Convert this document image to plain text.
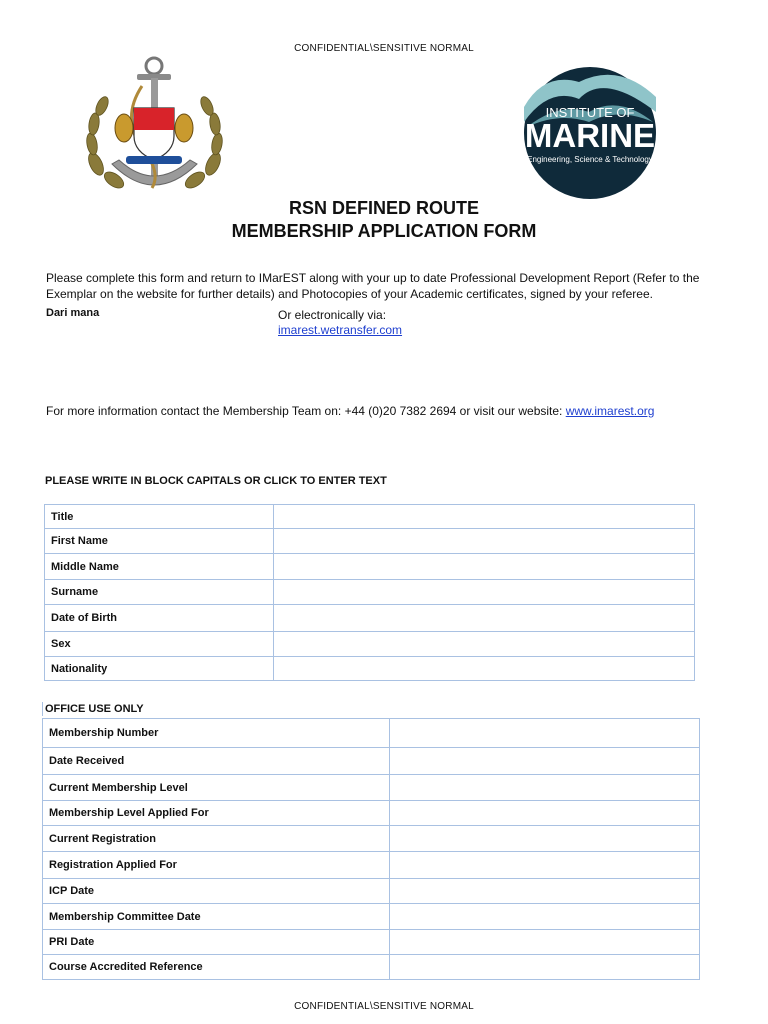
CONFIDENTIAL\SENSITIVE NORMAL
INSTITUTE OF
MARINE
Engineering, Science & Technology
RSN DEFINED ROUTE
MEMBERSHIP APPLICATION FORM
Please complete this form and return to IMarEST along with your up to date Professional Development Report (Refer to the Exemplar on the website for further details) and Photocopies of your Academic certificates, signed by your referee.
Dari mana	Or electronically via:
imarest.wetransfer.com
For more information contact the Membership Team on: +44 (0)20 7382 2694 or visit our website: www.imarest.org
PLEASE WRITE IN BLOCK CAPITALS OR CLICK TO ENTER TEXT
Title	
First Name	
Middle Name	
Surname	
Date of Birth	
Sex	
Nationality	
OFFICE USE ONLY
Membership Number	
Date Received	
Current Membership Level	
Membership Level Applied For	
Current Registration	
Registration Applied For	
ICP Date	
Membership Committee Date	
PRI Date	
Course Accredited Reference	
CONFIDENTIAL\SENSITIVE NORMAL
